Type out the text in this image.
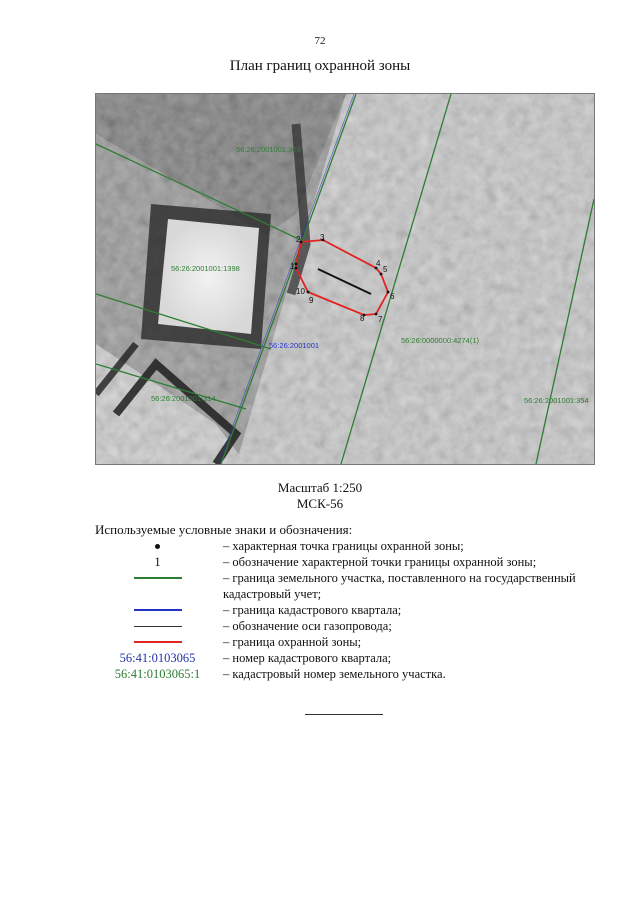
72
План границ охранной зоны
56:26:2001001:368
56:26:2001001:1398
56:26:2001001:314
56:26:0000000:4274(1)
56:26:2001001:354
56:26:2001001
1
2 3
4
5
6
7
8
9
10
Масштаб 1:250
МСК-56
Используемые условные знаки и обозначения:
– характерная точка границы охранной зоны;
1	– обозначение характерной точки границы охранной зоны;
– граница земельного участка, поставленного на государственный кадастровый учет;
– граница кадастрового квартала;
– обозначение оси газопровода;
– граница охранной зоны;
56:41:0103065	– номер кадастрового квартала;
56:41:0103065:1	– кадастровый номер земельного участка.
